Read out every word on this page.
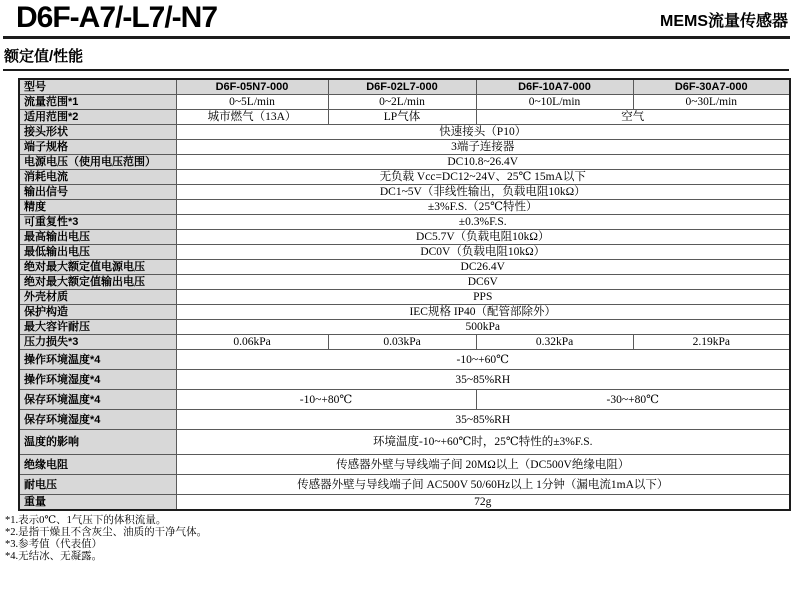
D6F-A7/-L7/-N7	MEMS流量传感器
额定值/性能
型号	D6F-05N7-000	D6F-02L7-000	D6F-10A7-000	D6F-30A7-000
流量范围*1	0~5L/min	0~2L/min	0~10L/min	0~30L/min
适用范围*2	城市燃气（13A）	LP气体	空气	
接头形状	快速接头（P10）			
端子规格	3端子连接器			
电源电压（使用电压范围）	DC10.8~26.4V			
消耗电流	无负载 Vcc=DC12~24V、25℃ 15mA以下			
输出信号	DC1~5V（非线性输出，负载电阻10kΩ）			
精度	±3%F.S.（25℃特性）			
可重复性*3	±0.3%F.S.			
最高输出电压	DC5.7V（负载电阻10kΩ）			
最低输出电压	DC0V（负载电阻10kΩ）			
绝对最大额定值电源电压	DC26.4V			
绝对最大额定值输出电压	DC6V			
外壳材质	PPS			
保护构造	IEC规格 IP40（配管部除外）			
最大容许耐压	500kPa			
压力损失*3	0.06kPa	0.03kPa	0.32kPa	2.19kPa
操作环境温度*4	-10~+60℃			
操作环境湿度*4	35~85%RH			
保存环境温度*4	-10~+80℃		-30~+80℃	
保存环境湿度*4	35~85%RH			
温度的影响	环境温度-10~+60℃时，25℃特性的±3%F.S.			
绝缘电阻	传感器外壁与导线端子间 20MΩ以上（DC500V绝缘电阻）			
耐电压	传感器外壁与导线端子间 AC500V 50/60Hz以上 1分钟（漏电流1mA以下）			
重量	72g			
*1.表示0℃、1气压下的体积流量。
*2.是指干燥且不含灰尘、油质的干净气体。
*3.参考值（代表值）
*4.无结冰、无凝露。
